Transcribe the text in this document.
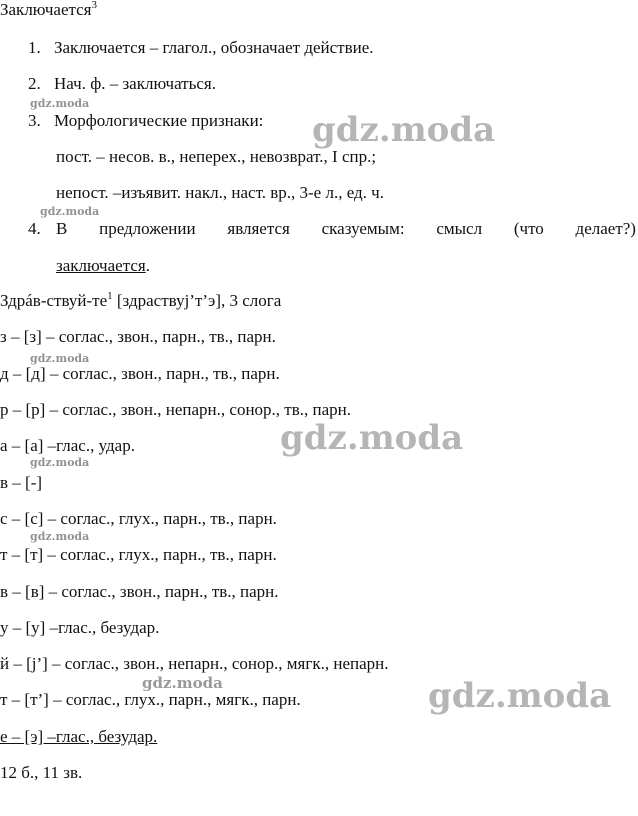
Заключается$^3$
1. Заключается – глагол., обозначает действие.
2. Нач. ф. – заключаться.
3. Морфологические признаки:
пост. – несов. в., неперех., невозврат., I спр.;
непост. –изъявит. накл., наст. вр., 3-е л., ед. ч.
4. В предложении является сказуемым: смысл (что делает?)
заключается.
Здрáв-$ствуй-те^1$ [здраствуj’т’э], 3 слога
з – [з] – соглас., звон., парн., тв., парн.
д – [д] – соглас., звон., парн., тв., парн.
р – [р] – соглас., звон., непарн., сонор., тв., парн.
а – [а] –глас., удар.
в – [-]
с – [с] – соглас., глух., парн., тв., парн.
т – [т] – соглас., глух., парн., тв., парн.
в – [в] – соглас., звон., парн., тв., парн.
у – [у] –глас., безудар.
й – [j’] – соглас., звон., непарн., сонор., мягк., непарн.
т – [т’] – соглас., глух., парн., мягк., парн.
е – [э] –глас., безудар.
12 б., 11 зв.
gdz.moda
gdz.moda
gdz.moda
gdz.moda
gdz.moda
gdz.moda
gdz.moda
gdz.moda
gdz.moda
